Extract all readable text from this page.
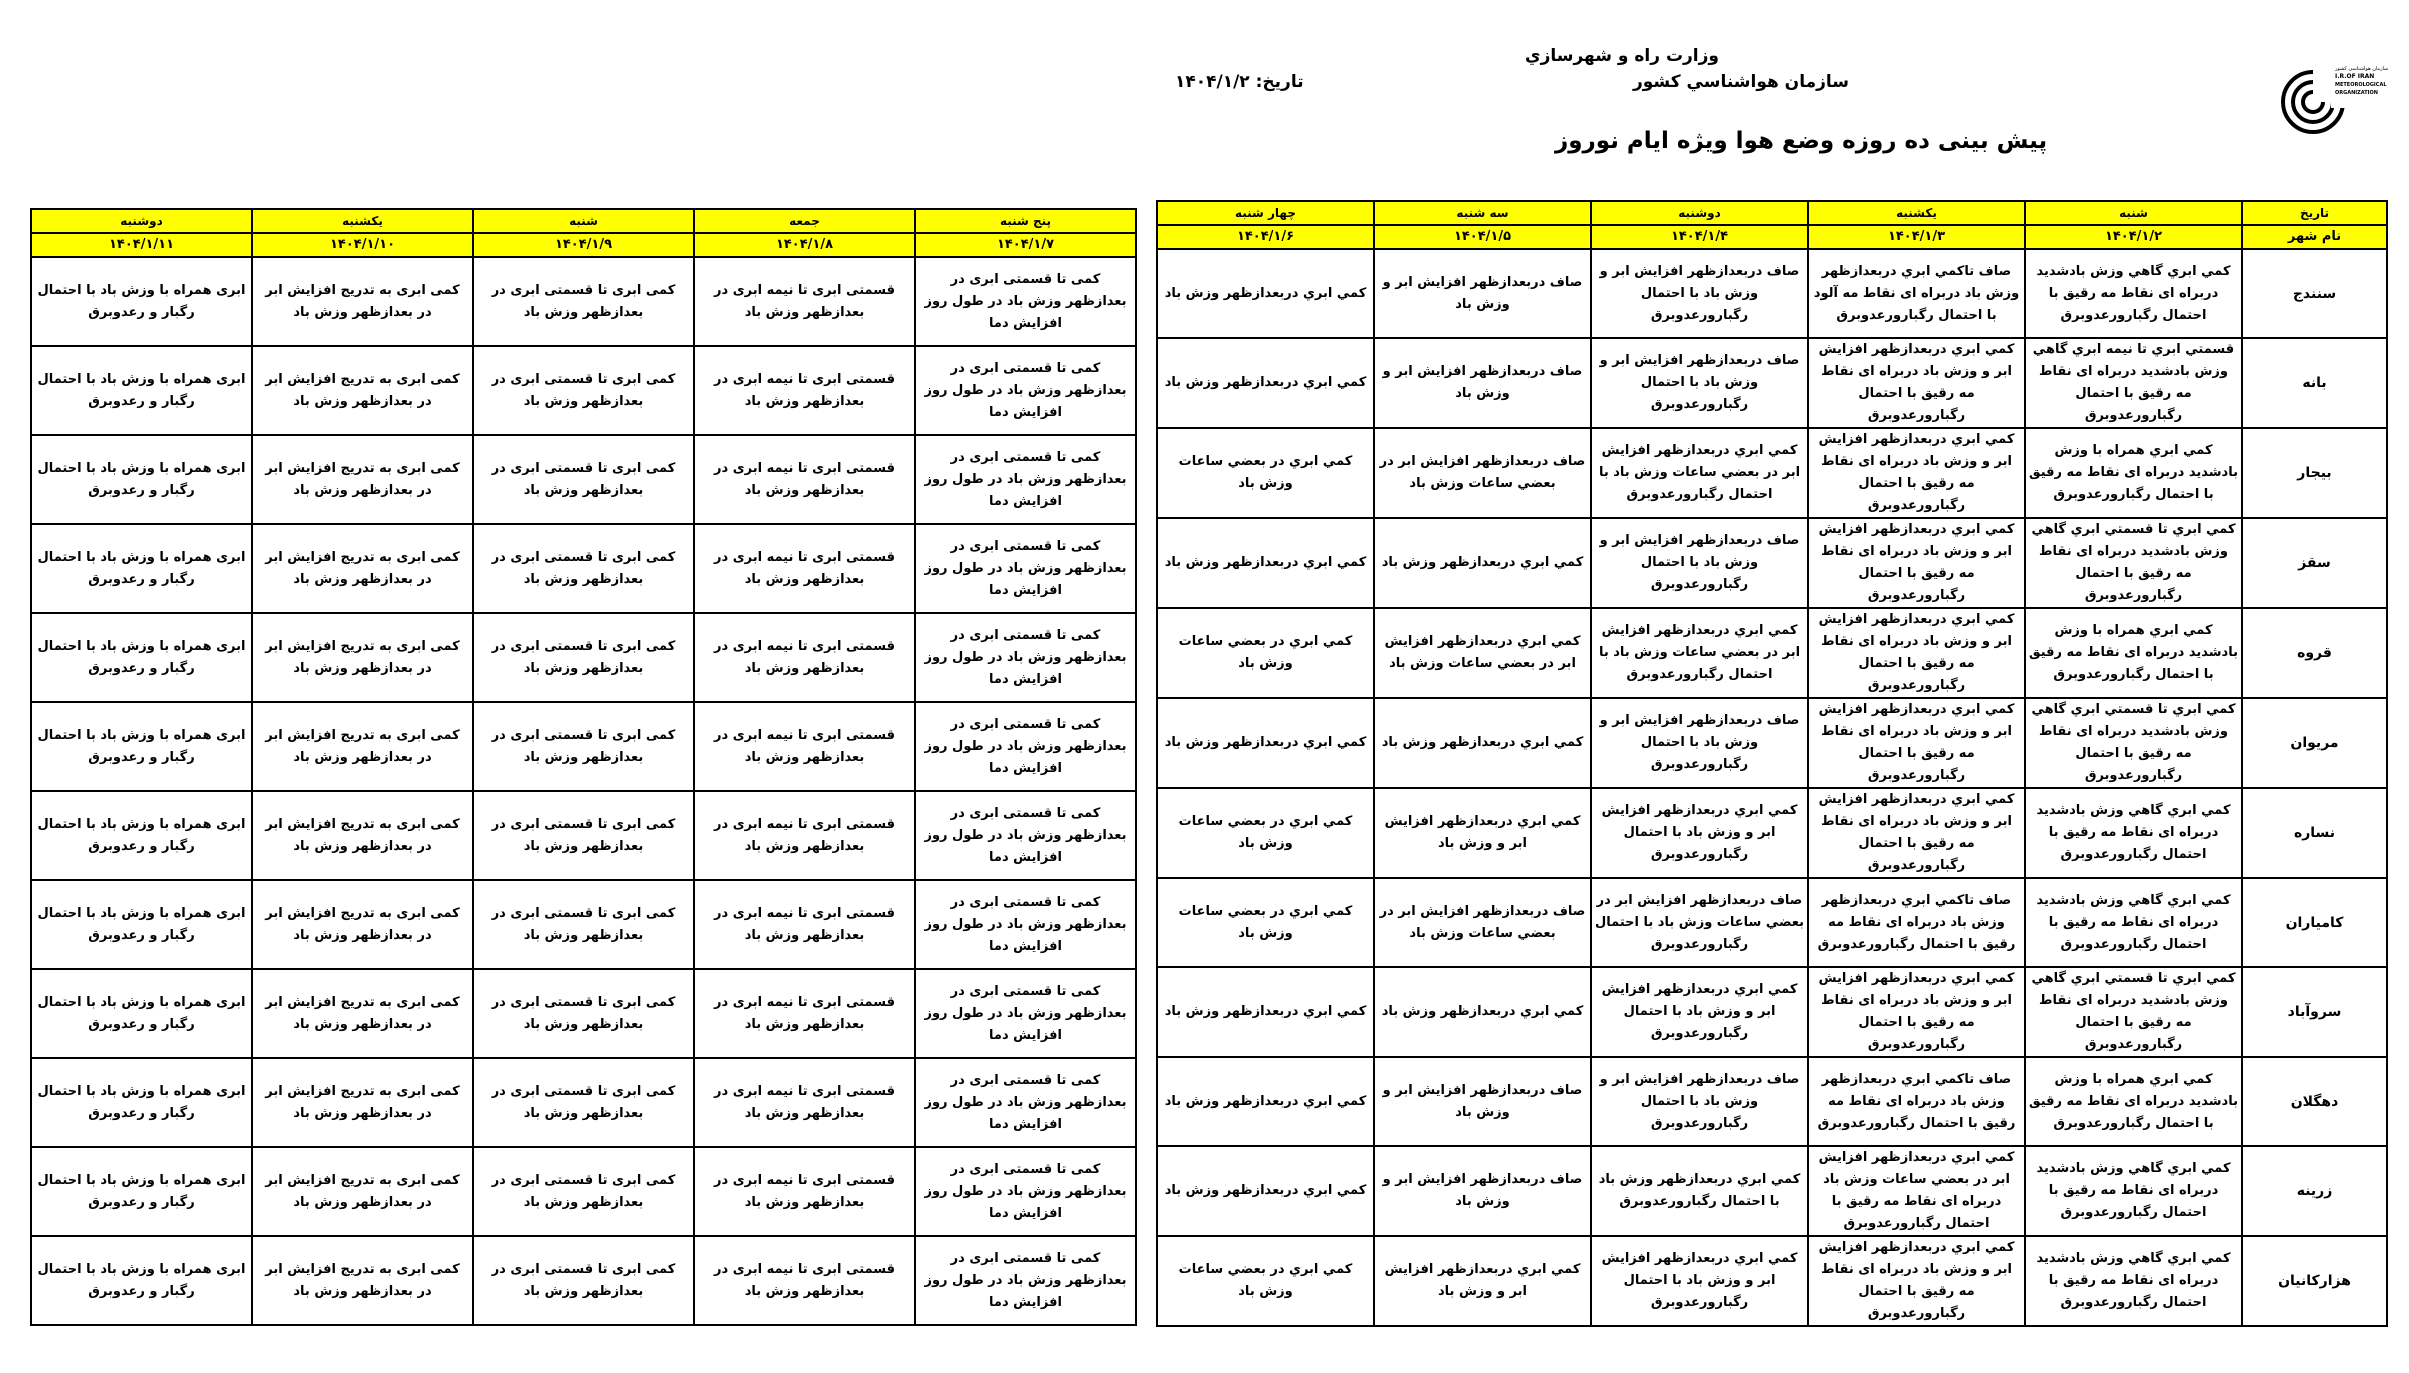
وزارت راه و شهرسازي
سازمان هواشناسي كشور
تاریخ: ۱۴۰۴/۱/۲
پیش بینی ده روزه وضع هوا ویژه ایام نوروز
سازمان هواشناسی کشور
I.R.OF IRAN
METEOROLOGICAL
ORGANIZATION
تاریخ	شنبه	یکشنبه	دوشنبه	سه شنبه	چهار شنبه
نام شهر	۱۴۰۴/۱/۲	۱۴۰۴/۱/۳	۱۴۰۴/۱/۴	۱۴۰۴/۱/۵	۱۴۰۴/۱/۶
سنندج	كمي ابري گاهي وزش بادشديد دربراه ای نقاط مه رقيق با احتمال رگبارورعدوبرق	صاف تاكمي ابري دربعدازظهر وزش باد دربراه ای نقاط مه آلود با احتمال رگبارورعدوبرق	صاف دربعدازظهر افزايش ابر و وزش باد با احتمال رگبارورعدوبرق	صاف دربعدازظهر افزايش ابر و وزش باد	كمي ابري دربعدازظهر وزش باد
بانه	قسمتي ابري تا نيمه ابري گاهي وزش بادشديد دربراه ای نقاط مه رقيق با احتمال رگبارورعدوبرق	كمي ابري دربعدازظهر افزايش ابر و وزش باد دربراه ای نقاط مه رقيق با احتمال رگبارورعدوبرق	صاف دربعدازظهر افزايش ابر و وزش باد با احتمال رگبارورعدوبرق	صاف دربعدازظهر افزايش ابر و وزش باد	كمي ابري دربعدازظهر وزش باد
بیجار	كمي ابري همراه با وزش بادشديد دربراه ای نقاط مه رقيق با احتمال رگبارورعدوبرق	كمي ابري دربعدازظهر افزايش ابر و وزش باد دربراه ای نقاط مه رقيق با احتمال رگبارورعدوبرق	كمي ابري دربعدازظهر افزايش ابر در بعضي ساعات وزش باد با احتمال رگبارورعدوبرق	صاف دربعدازظهر افزايش ابر در بعضي ساعات وزش باد	كمي ابري در بعضي ساعات وزش باد
سقز	كمي ابري تا قسمتي ابري گاهي وزش بادشديد دربراه ای نقاط مه رقيق با احتمال رگبارورعدوبرق	كمي ابري دربعدازظهر افزايش ابر و وزش باد دربراه ای نقاط مه رقيق با احتمال رگبارورعدوبرق	صاف دربعدازظهر افزايش ابر و وزش باد با احتمال رگبارورعدوبرق	كمي ابري دربعدازظهر وزش باد	كمي ابري دربعدازظهر وزش باد
قروه	كمي ابري همراه با وزش بادشديد دربراه ای نقاط مه رقيق با احتمال رگبارورعدوبرق	كمي ابري دربعدازظهر افزايش ابر و وزش باد دربراه ای نقاط مه رقيق با احتمال رگبارورعدوبرق	كمي ابري دربعدازظهر افزايش ابر در بعضي ساعات وزش باد با احتمال رگبارورعدوبرق	كمي ابري دربعدازظهر افزايش ابر در بعضي ساعات وزش باد	كمي ابري در بعضي ساعات وزش باد
مریوان	كمي ابري تا قسمتي ابري گاهي وزش بادشديد دربراه ای نقاط مه رقيق با احتمال رگبارورعدوبرق	كمي ابري دربعدازظهر افزايش ابر و وزش باد دربراه ای نقاط مه رقيق با احتمال رگبارورعدوبرق	صاف دربعدازظهر افزايش ابر و وزش باد با احتمال رگبارورعدوبرق	كمي ابري دربعدازظهر وزش باد	كمي ابري دربعدازظهر وزش باد
نساره	كمي ابري گاهي وزش بادشديد دربراه ای نقاط مه رقيق با احتمال رگبارورعدوبرق	كمي ابري دربعدازظهر افزايش ابر و وزش باد دربراه ای نقاط مه رقيق با احتمال رگبارورعدوبرق	كمي ابري دربعدازظهر افزايش ابر و وزش باد با احتمال رگبارورعدوبرق	كمي ابري دربعدازظهر افزايش ابر و وزش باد	كمي ابري در بعضي ساعات وزش باد
کامیاران	كمي ابري گاهي وزش بادشديد دربراه ای نقاط مه رقيق با احتمال رگبارورعدوبرق	صاف تاكمي ابري دربعدازظهر وزش باد دربراه ای نقاط مه رقيق با احتمال رگبارورعدوبرق	صاف دربعدازظهر افزايش ابر در بعضي ساعات وزش باد با احتمال رگبارورعدوبرق	صاف دربعدازظهر افزايش ابر در بعضي ساعات وزش باد	كمي ابري در بعضي ساعات وزش باد
سروآباد	كمي ابري تا قسمتي ابري گاهي وزش بادشديد دربراه ای نقاط مه رقيق با احتمال رگبارورعدوبرق	كمي ابري دربعدازظهر افزايش ابر و وزش باد دربراه ای نقاط مه رقيق با احتمال رگبارورعدوبرق	كمي ابري دربعدازظهر افزايش ابر و وزش باد با احتمال رگبارورعدوبرق	كمي ابري دربعدازظهر وزش باد	كمي ابري دربعدازظهر وزش باد
دهگلان	كمي ابري همراه با وزش بادشديد دربراه ای نقاط مه رقيق با احتمال رگبارورعدوبرق	صاف تاكمي ابري دربعدازظهر وزش باد دربراه ای نقاط مه رقيق با احتمال رگبارورعدوبرق	صاف دربعدازظهر افزايش ابر و وزش باد با احتمال رگبارورعدوبرق	صاف دربعدازظهر افزايش ابر و وزش باد	كمي ابري دربعدازظهر وزش باد
زرینه	كمي ابري گاهي وزش بادشديد دربراه ای نقاط مه رقيق با احتمال رگبارورعدوبرق	كمي ابري دربعدازظهر افزايش ابر در بعضي ساعات وزش باد دربراه ای نقاط مه رقيق با احتمال رگبارورعدوبرق	كمي ابري دربعدازظهر وزش باد با احتمال رگبارورعدوبرق	صاف دربعدازظهر افزايش ابر و وزش باد	كمي ابري دربعدازظهر وزش باد
هزارکانیان	كمي ابري گاهي وزش بادشديد دربراه ای نقاط مه رقيق با احتمال رگبارورعدوبرق	كمي ابري دربعدازظهر افزايش ابر و وزش باد دربراه ای نقاط مه رقيق با احتمال رگبارورعدوبرق	كمي ابري دربعدازظهر افزايش ابر و وزش باد با احتمال رگبارورعدوبرق	كمي ابري دربعدازظهر افزايش ابر و وزش باد	كمي ابري در بعضي ساعات وزش باد
پنج شنبه	جمعه	شنبه	یکشنبه	دوشنبه
۱۴۰۴/۱/۷	۱۴۰۴/۱/۸	۱۴۰۴/۱/۹	۱۴۰۴/۱/۱۰	۱۴۰۴/۱/۱۱
کمی تا قسمتی ابری در بعدازظهر وزش باد در طول روز افزایش دما	قسمتی ابری تا نیمه ابری در بعدازظهر وزش باد	کمی ابری تا قسمتی ابری در بعدازظهر وزش باد	کمی ابری به تدریج افزایش ابر در بعدازظهر وزش باد	ابری همراه با وزش باد با احتمال رگبار و رعدوبرق
کمی تا قسمتی ابری در بعدازظهر وزش باد در طول روز افزایش دما	قسمتی ابری تا نیمه ابری در بعدازظهر وزش باد	کمی ابری تا قسمتی ابری در بعدازظهر وزش باد	کمی ابری به تدریج افزایش ابر در بعدازظهر وزش باد	ابری همراه با وزش باد با احتمال رگبار و رعدوبرق
کمی تا قسمتی ابری در بعدازظهر وزش باد در طول روز افزایش دما	قسمتی ابری تا نیمه ابری در بعدازظهر وزش باد	کمی ابری تا قسمتی ابری در بعدازظهر وزش باد	کمی ابری به تدریج افزایش ابر در بعدازظهر وزش باد	ابری همراه با وزش باد با احتمال رگبار و رعدوبرق
کمی تا قسمتی ابری در بعدازظهر وزش باد در طول روز افزایش دما	قسمتی ابری تا نیمه ابری در بعدازظهر وزش باد	کمی ابری تا قسمتی ابری در بعدازظهر وزش باد	کمی ابری به تدریج افزایش ابر در بعدازظهر وزش باد	ابری همراه با وزش باد با احتمال رگبار و رعدوبرق
کمی تا قسمتی ابری در بعدازظهر وزش باد در طول روز افزایش دما	قسمتی ابری تا نیمه ابری در بعدازظهر وزش باد	کمی ابری تا قسمتی ابری در بعدازظهر وزش باد	کمی ابری به تدریج افزایش ابر در بعدازظهر وزش باد	ابری همراه با وزش باد با احتمال رگبار و رعدوبرق
کمی تا قسمتی ابری در بعدازظهر وزش باد در طول روز افزایش دما	قسمتی ابری تا نیمه ابری در بعدازظهر وزش باد	کمی ابری تا قسمتی ابری در بعدازظهر وزش باد	کمی ابری به تدریج افزایش ابر در بعدازظهر وزش باد	ابری همراه با وزش باد با احتمال رگبار و رعدوبرق
کمی تا قسمتی ابری در بعدازظهر وزش باد در طول روز افزایش دما	قسمتی ابری تا نیمه ابری در بعدازظهر وزش باد	کمی ابری تا قسمتی ابری در بعدازظهر وزش باد	کمی ابری به تدریج افزایش ابر در بعدازظهر وزش باد	ابری همراه با وزش باد با احتمال رگبار و رعدوبرق
کمی تا قسمتی ابری در بعدازظهر وزش باد در طول روز افزایش دما	قسمتی ابری تا نیمه ابری در بعدازظهر وزش باد	کمی ابری تا قسمتی ابری در بعدازظهر وزش باد	کمی ابری به تدریج افزایش ابر در بعدازظهر وزش باد	ابری همراه با وزش باد با احتمال رگبار و رعدوبرق
کمی تا قسمتی ابری در بعدازظهر وزش باد در طول روز افزایش دما	قسمتی ابری تا نیمه ابری در بعدازظهر وزش باد	کمی ابری تا قسمتی ابری در بعدازظهر وزش باد	کمی ابری به تدریج افزایش ابر در بعدازظهر وزش باد	ابری همراه با وزش باد با احتمال رگبار و رعدوبرق
کمی تا قسمتی ابری در بعدازظهر وزش باد در طول روز افزایش دما	قسمتی ابری تا نیمه ابری در بعدازظهر وزش باد	کمی ابری تا قسمتی ابری در بعدازظهر وزش باد	کمی ابری به تدریج افزایش ابر در بعدازظهر وزش باد	ابری همراه با وزش باد با احتمال رگبار و رعدوبرق
کمی تا قسمتی ابری در بعدازظهر وزش باد در طول روز افزایش دما	قسمتی ابری تا نیمه ابری در بعدازظهر وزش باد	کمی ابری تا قسمتی ابری در بعدازظهر وزش باد	کمی ابری به تدریج افزایش ابر در بعدازظهر وزش باد	ابری همراه با وزش باد با احتمال رگبار و رعدوبرق
کمی تا قسمتی ابری در بعدازظهر وزش باد در طول روز افزایش دما	قسمتی ابری تا نیمه ابری در بعدازظهر وزش باد	کمی ابری تا قسمتی ابری در بعدازظهر وزش باد	کمی ابری به تدریج افزایش ابر در بعدازظهر وزش باد	ابری همراه با وزش باد با احتمال رگبار و رعدوبرق
